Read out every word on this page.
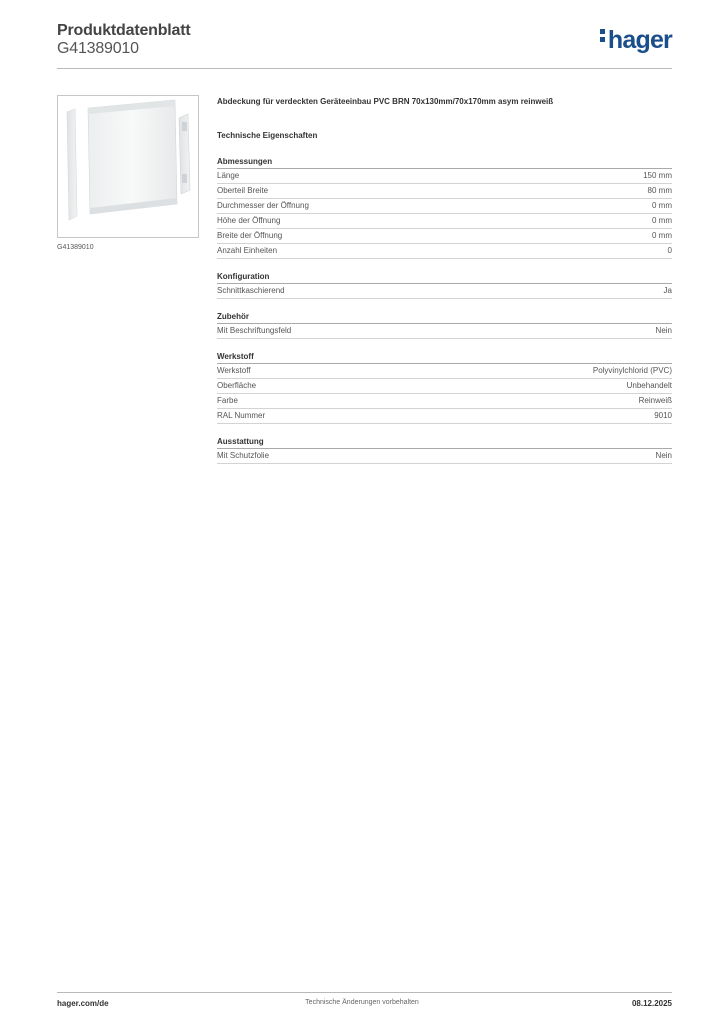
Produktdatenblatt
G41389010	hager
G41389010
Abdeckung für verdeckten Geräteeinbau PVC BRN 70x130mm/70x170mm asym reinweiß
Technische Eigenschaften
Abmessungen
Länge	150 mm
Oberteil Breite	80 mm
Durchmesser der Öffnung	0 mm
Höhe der Öffnung	0 mm
Breite der Öffnung	0 mm
Anzahl Einheiten	0
Konfiguration
Schnittkaschierend	Ja
Zubehör
Mit Beschriftungsfeld	Nein
Werkstoff
Werkstoff	Polyvinylchlorid (PVC)
Oberfläche	Unbehandelt
Farbe	Reinweiß
RAL Nummer	9010
Ausstattung
Mit Schutzfolie	Nein
hager.com/de	Technische Änderungen vorbehalten	08.12.2025
